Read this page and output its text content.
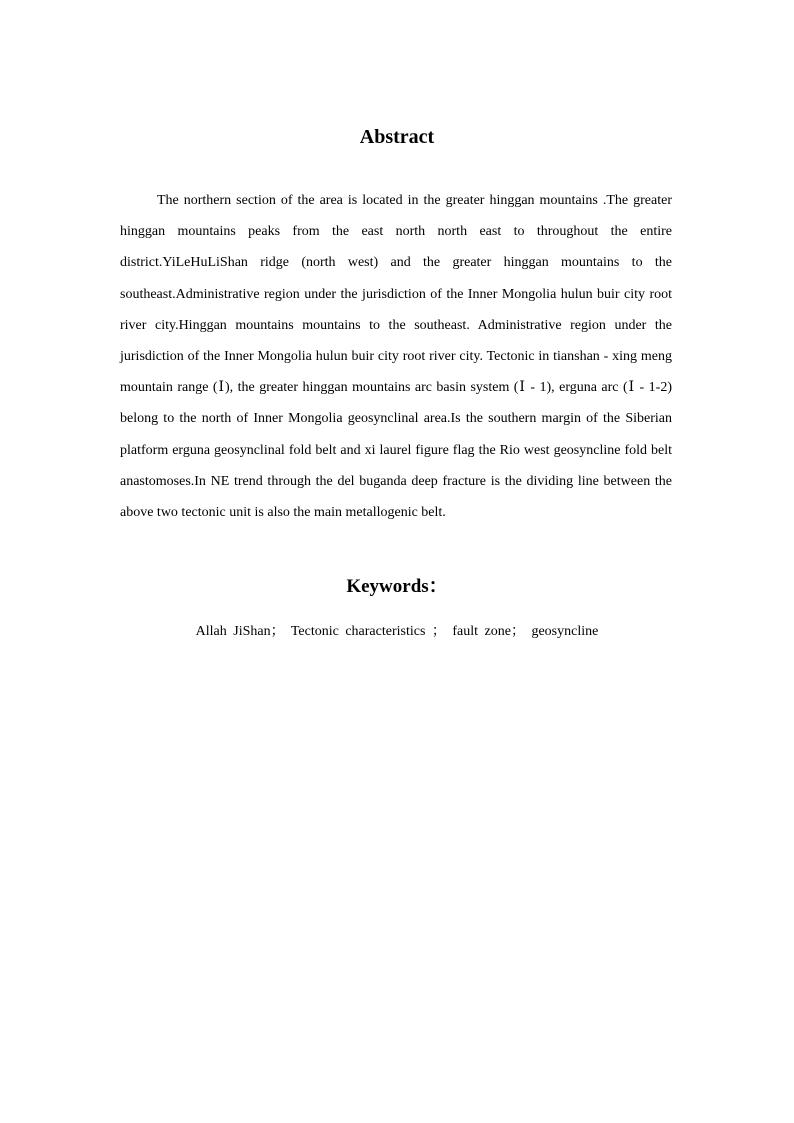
Abstract

The northern section of the area is located in the greater hinggan mountains .The greater hinggan mountains peaks from the east north north east to throughout the entire district.YiLeHuLiShan ridge (north west) and the greater hinggan mountains to the southeast.Administrative region under the jurisdiction of the Inner Mongolia hulun buir city root river city.Hinggan mountains mountains to the southeast. Administrative region under the jurisdiction of the Inner Mongolia hulun buir city root river city. Tectonic in tianshan - xing meng mountain range (Ⅰ), the greater hinggan mountains arc basin system (Ⅰ - 1), erguna arc (Ⅰ - 1-2) belong to the north of Inner Mongolia geosynclinal area.Is the southern margin of the Siberian platform erguna geosynclinal fold belt and xi laurel figure flag the Rio west geosyncline fold belt anastomoses.In NE trend through the del buganda deep fracture is the dividing line between the above two tectonic unit is also the main metallogenic belt.

Keywords：
Allah JiShan； Tectonic characteristics ； fault zone； geosyncline
